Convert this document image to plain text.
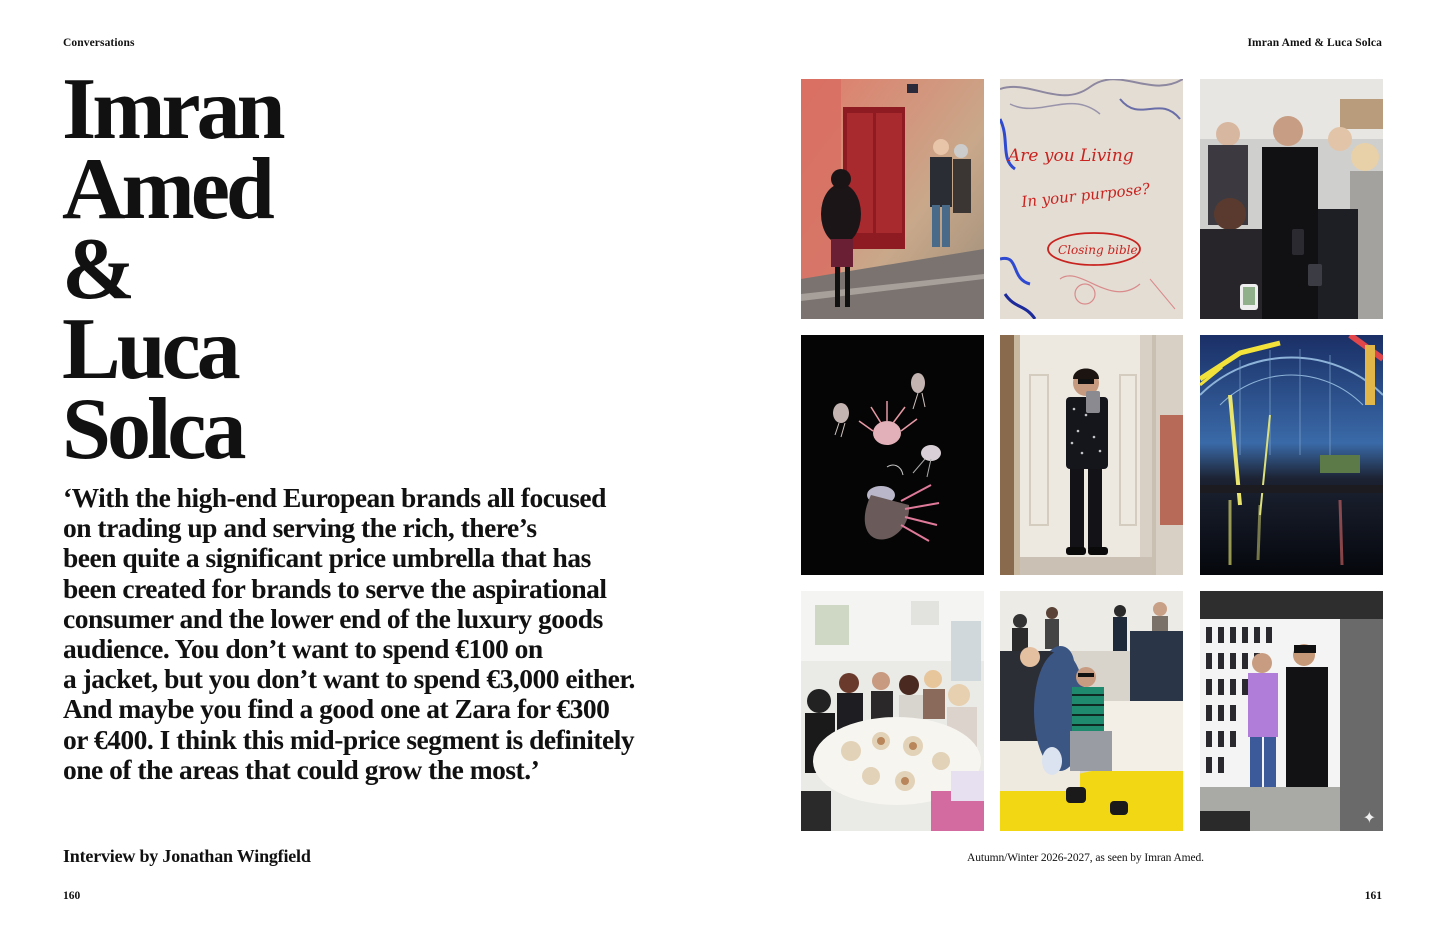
Conversations	Imran Amed & Luca Solca
Imran
Amed
&
Luca
Solca

‘With the high-end European brands all focused
on trading up and serving the rich, there’s
been quite a significant price umbrella that has
been created for brands to serve the aspirational
consumer and the lower end of the luxury goods
audience. You don’t want to spend €100 on
a jacket, but you don’t want to spend €3,000 either.
And maybe you find a good one at Zara for €300
or €400. I think this mid-price segment is definitely
one of the areas that could grow the most.’

Interview by Jonathan Wingfield
160	161
Autumn/Winter 2026-2027, as seen by Imran Amed.
Are you Living
In your purpose?
Closing bible
✦
